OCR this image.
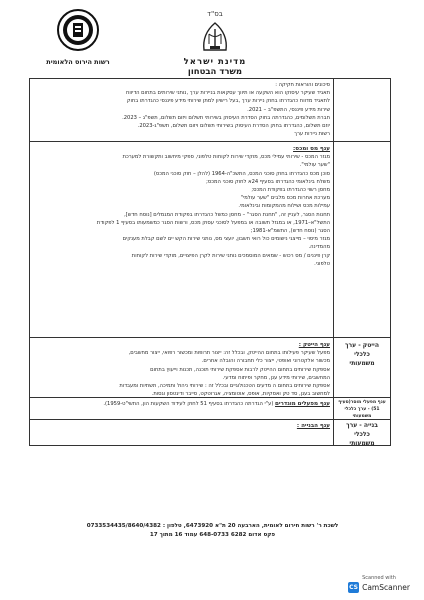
בס"ד
מדינת ישראל
משרד הבטחון
רשות הירוס הלאומית
סיכונים והוראות חקיקה :
תאגיד שעיקר עיסוקו הוא השקעה או תיווך עסקאות בניירות ערך ,נותני שירותים בתחום הדיווח
לתאגיד מדווח כהגדרתו בחוק ניירות ערך ,בעל רישיון למתן שירותי מידע פיננסי כהגדרתו בחוק
שירות מידע פיננסי, התשפ"ב – 2021.
חברת תשלומים, כהגדרתה בחוק הסדרת העיסוק בשירותי תשלום ויזום תשלום, תשפ"ג – 2023.
יוזם תשלום, כהגדרתו בחוק הסדרת העיסוק בשירותי תשלום ויזום תשלום, תשפ"ג-2023.
רשות ניירות ערך
ענף מס ומכס:
מגזר המכס - שירותי עמילי מכס, מוקדי שירות לקוחות טלפוני, ספקי מיחשוב ותקשורת למערכת
"שער עולמי".
סוכן מכס כהגדרתו בחוק סוכני המכס, התשכ"ה-1964 (להלן – חוק סוכני המכס)
משלח בינלאומי כהגדרתו בסעיף 24א לחוק סוכני המכס;
מחסן רשוי כהגדרתו בפקודת המכס;
מערכת אחרות מכס מלבים "שער עולמי"
עמילות מכס ושילוח מהמקומות ובינלאומי.
תחנות הסגר, לעניין זה, "תחנת הסגר" – מחסן כמשל כהגדרתו בפקודת המגמלים [נוסח חדש],
התשל"א–1971, או במגזל תשובה או במפעל לסוכני עסוק מכס, ורשות הסגר כמשמעותו בסעיף 1 לפקודת
הסגר (נוסח חדש), התשמ"א-1981;
מגזר מיסוי – מייצגי נישומים כול רואי חשבון, יועצי מס, נותני שירות הקש יים לשם קבלת מענקים
מהמדינה.
קרן פיננים / מס רכוש - שמאים המוסמכים נותני שירות לקרן הפיצויים, מוקדי שירות לקוחות
טלפוני.
הייטק - ערך
כלכלי
משמעותי
ענף הייטק :
מפעל שעיקר פעילותו בתחום ההייטק, ובכלל זה: ייצור תרופות ומכשור רפואי, ייצור מחשבים,
מכשור אלקטרוני ואופטי, ייצור כלי תחבורה והובלה אחרים.
אספקת שירותים בתחום ההייטק לרבות אספקת שירותי תוכנה, תכנות וייעוץ בתחום
המחשבים, שירותי מידע ענן, מחקר ופיתוח ומדעי.
אספקת שירותים בתחום ה מדעים הטכנולוגיים ובכלל זה : שירותי ניהול ותמיכה, תשתיות ומעבדות
למחשוב בענן, סד טק ואסקיות, אופס, אוטומציה, אגרוטקט, סייבר ודיגטסון וגסות.
ענף מפעלי מוסר(סעיף
51) - ערך כלכלי
משמעותי
ענף מפעלים מוגדרים (ע"י הגדרתה כהגדרתו בסעיף 51 לחוק לעידוד השקעות הון, התשי"ט-1959).
בנייה - ערך
כלכלי
משמעותי
ענף הבנייה :
לשכת ר' רשות חירום לאומית, הארבעה 20 ת"א 6473920, טלפון : 0733534435/8640/4382
פקס אדום 6282 648-0733 עמוד 16 מתוך 17
Scanned with
CS CamScanner
